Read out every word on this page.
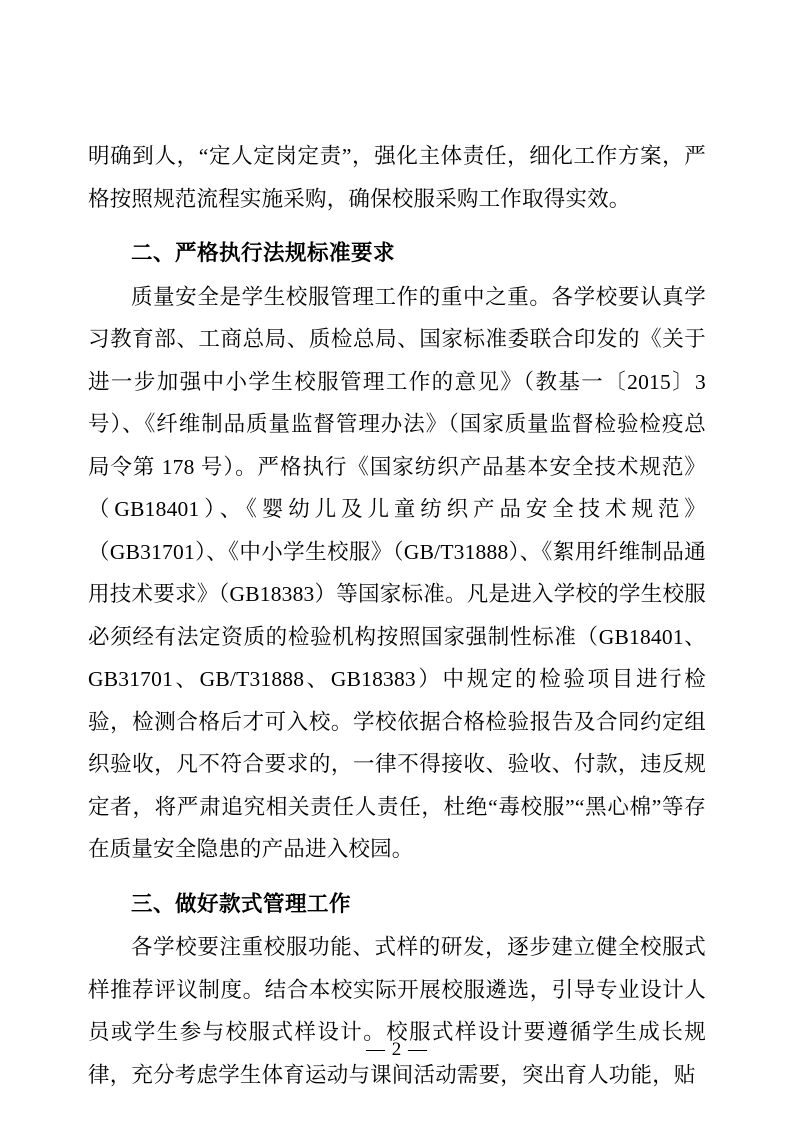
明确到人，“定人定岗定责”，强化主体责任，细化工作方案，严格按照规范流程实施采购，确保校服采购工作取得实效。

二、严格执行法规标准要求

质量安全是学生校服管理工作的重中之重。各学校要认真学习教育部、工商总局、质检总局、国家标准委联合印发的《关于进一步加强中小学生校服管理工作的意见》（教基一〔2015〕3号）、《纤维制品质量监督管理办法》（国家质量监督检验检疫总局令第 178 号）。严格执行《国家纺织产品基本安全技术规范》（GB18401）、《婴幼儿及儿童纺织产品安全技术规范》（GB31701）、《中小学生校服》（GB/T31888）、《絮用纤维制品通用技术要求》（GB18383）等国家标准。凡是进入学校的学生校服必须经有法定资质的检验机构按照国家强制性标准（GB18401、GB31701、GB/T31888、GB18383）中规定的检验项目进行检验，检测合格后才可入校。学校依据合格检验报告及合同约定组织验收，凡不符合要求的，一律不得接收、验收、付款，违反规定者，将严肃追究相关责任人责任，杜绝“毒校服”“黑心棉”等存在质量安全隐患的产品进入校园。

三、做好款式管理工作

各学校要注重校服功能、式样的研发，逐步建立健全校服式样推荐评议制度。结合本校实际开展校服遴选，引导专业设计人员或学生参与校服式样设计。校服式样设计要遵循学生成长规律，充分考虑学生体育运动与课间活动需要，突出育人功能，贴

— 2 —
